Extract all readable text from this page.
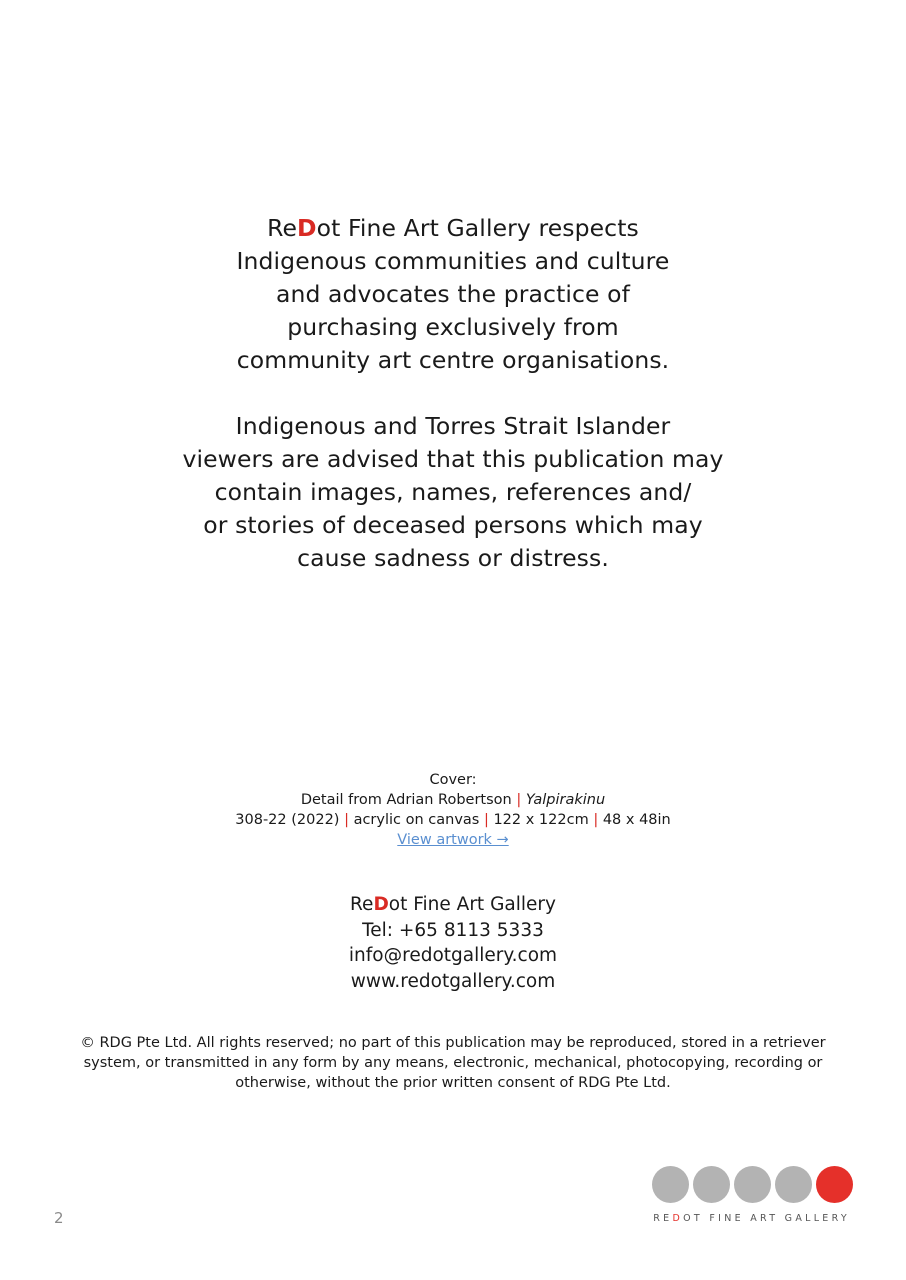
ReDot Fine Art Gallery respects

Indigenous communities and culture

and advocates the practice of

purchasing exclusively from

community art centre organisations.

Indigenous and Torres Strait Islander

viewers are advised that this publication may

contain images, names, references and/

or stories of deceased persons which may

cause sadness or distress.

Cover:
Detail from Adrian Robertson | Yalpirakinu
308-22 (2022) | acrylic on canvas | 122 x 122cm | 48 x 48in
View artwork →
ReDot Fine Art Gallery
Tel: +65 8113 5333
info@redotgallery.com
www.redotgallery.com
© RDG Pte Ltd. All rights reserved; no part of this publication may be reproduced, stored in a retriever system, or transmitted in any form by any means, electronic, mechanical, photocopying, recording or otherwise, without the prior written consent of RDG Pte Ltd.
2	REDOT FINE ART GALLERY
